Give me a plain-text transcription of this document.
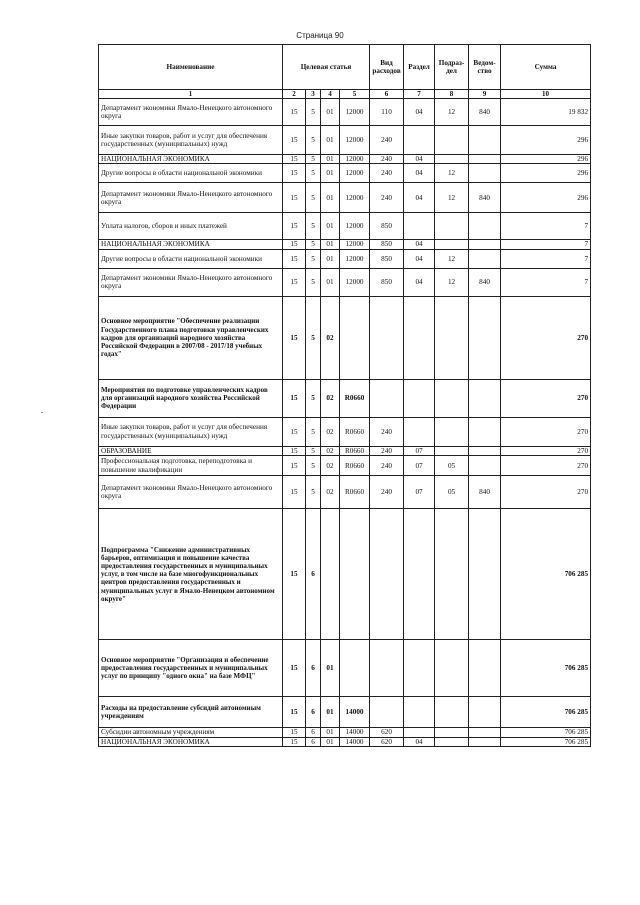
Страница 90
Наименование	Целевая статья				Вид расходов	Раздел	Подраз-дел	Ведом-ство	Сумма
1	2	3	4	5	6	7	8	9	10
Департамент экономики Ямало-Ненецкого автономного округа	15	5	01	12000	110	04	12	840	19 832
Иные закупки товаров, работ и услуг для обеспечения государственных (муниципальных) нужд	15	5	01	12000	240				296
НАЦИОНАЛЬНАЯ ЭКОНОМИКА	15	5	01	12000	240	04			296
Другие вопросы в области национальной экономики	15	5	01	12000	240	04	12		296
Департамент экономики Ямало-Ненецкого автономного округа	15	5	01	12000	240	04	12	840	296
Уплата налогов, сборов и иных платежей	15	5	01	12000	850				7
НАЦИОНАЛЬНАЯ ЭКОНОМИКА	15	5	01	12000	850	04			7
Другие вопросы в области национальной экономики	15	5	01	12000	850	04	12		7
Департамент экономики Ямало-Ненецкого автономного округа	15	5	01	12000	850	04	12	840	7
Основное мероприятие "Обеспечение реализации Государственного плана подготовки управленческих кадров для организаций народного хозяйства Российской Федерации в 2007/08 - 2017/18 учебных годах"	15	5	02						270
Мероприятия по подготовке управленческих кадров для организаций народного хозяйства Российской Федерации	15	5	02	R0660					270
Иные закупки товаров, работ и услуг для обеспечения государственных (муниципальных) нужд	15	5	02	R0660	240				270
ОБРАЗОВАНИЕ	15	5	02	R0660	240	07			270
Профессиональная подготовка, переподготовка и повышение квалификации	15	5	02	R0660	240	07	05		270
Департамент экономики Ямало-Ненецкого автономного округа	15	5	02	R0660	240	07	05	840	270
Подпрограмма "Снижение административных барьеров, оптимизация и повышение качества предоставления государственных и муниципальных услуг, в том числе на базе многофункциональных центров предоставления государственных и муниципальных услуг в Ямало-Ненецком автономном округе"	15	6							706 285
Основное мероприятие "Организация и обеспечение предоставления государственных и муниципальных услуг по принципу "одного окна" на базе МФЦ"	15	6	01						706 285
Расходы на предоставление субсидий автономным учреждениям	15	6	01	14000					706 285
Субсидии автономным учреждениям	15	6	01	14000	620				706 285
НАЦИОНАЛЬНАЯ ЭКОНОМИКА	15	6	01	14000	620	04			706 285
